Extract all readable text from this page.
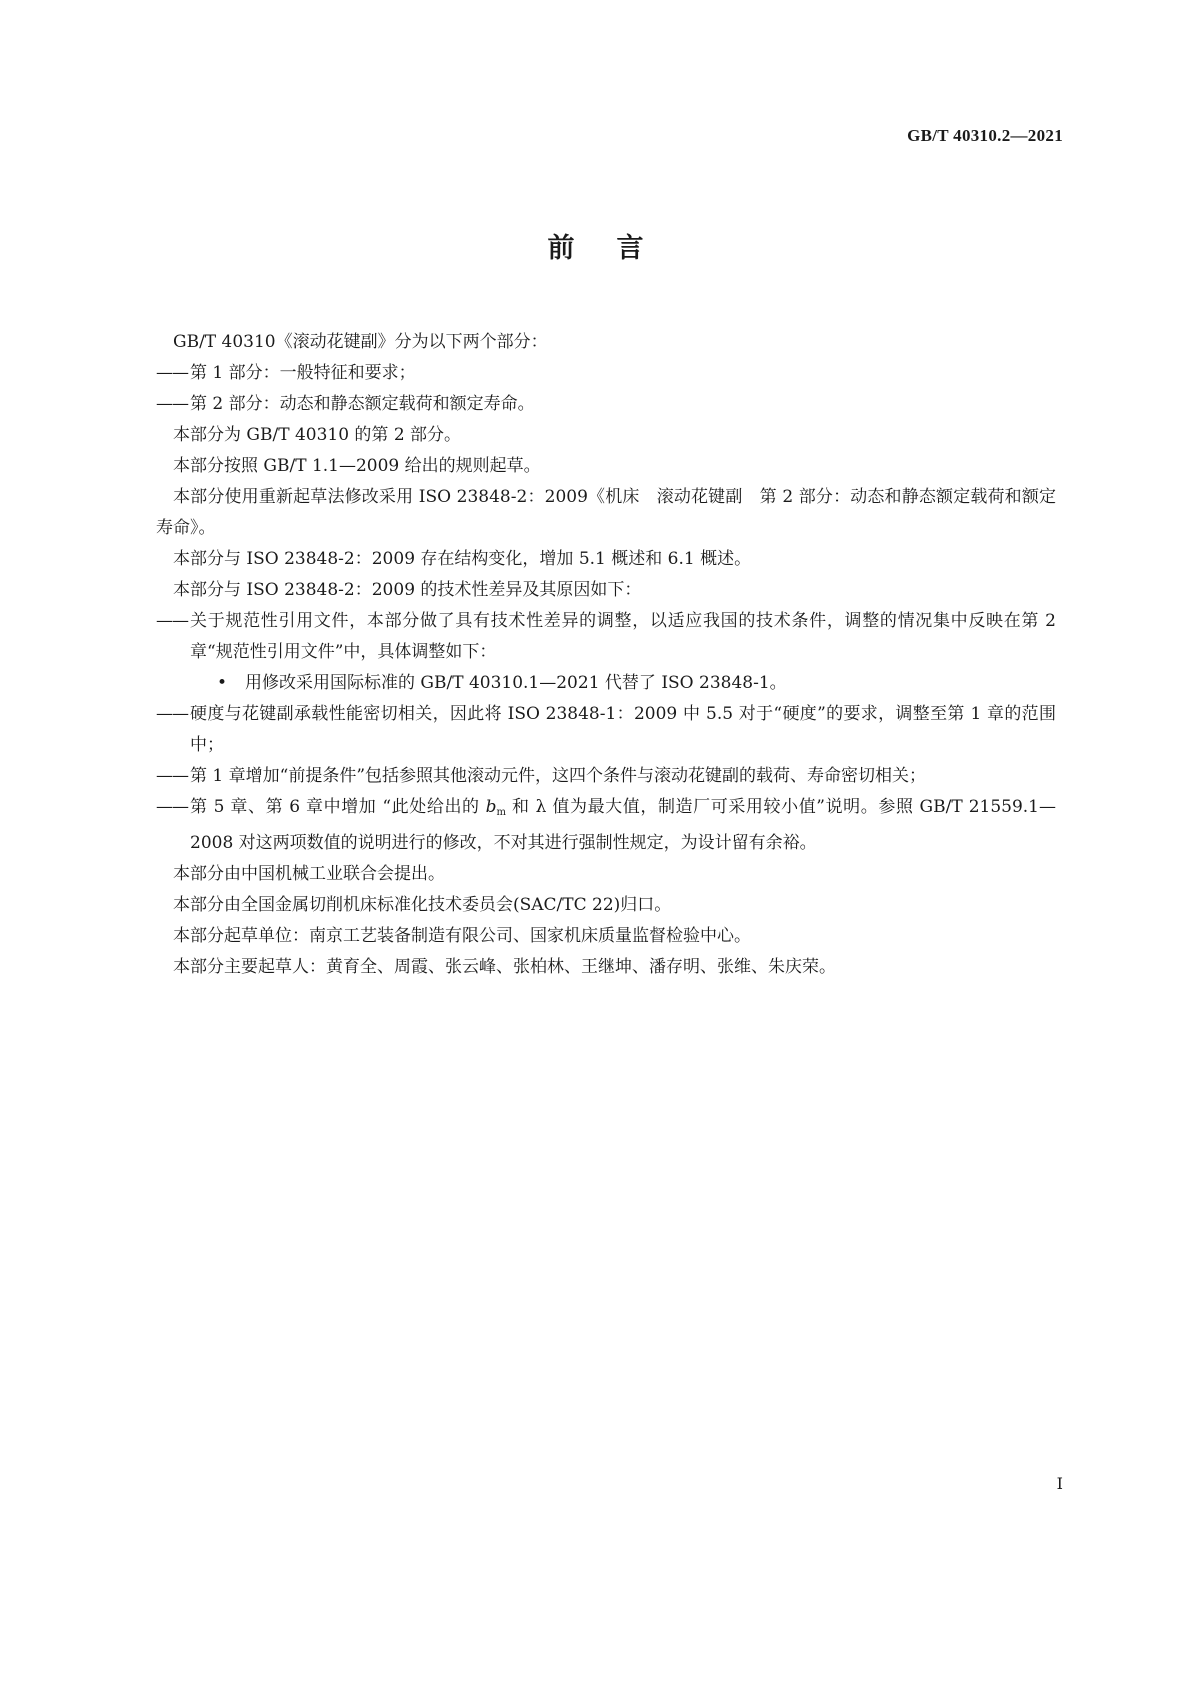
GB/T 40310.2—2021
前言

GB/T 40310《滚动花键副》分为以下两个部分：

—— 第 1 部分：一般特征和要求；
—— 第 2 部分：动态和静态额定载荷和额定寿命。

本部分为 GB/T 40310 的第 2 部分。

本部分按照 GB/T 1.1—2009 给出的规则起草。

本部分使用重新起草法修改采用 ISO 23848-2：2009《机床　滚动花键副　第 2 部分：动态和静态额定载荷和额定寿命》。

本部分与 ISO 23848-2：2009 存在结构变化，增加 5.1 概述和 6.1 概述。

本部分与 ISO 23848-2：2009 的技术性差异及其原因如下：

—— 关于规范性引用文件，本部分做了具有技术性差异的调整，以适应我国的技术条件，调整的情况集中反映在第 2 章“规范性引用文件”中，具体调整如下：
•	用修改采用国际标准的 GB/T 40310.1—2021 代替了 ISO 23848-1。
—— 硬度与花键副承载性能密切相关，因此将 ISO 23848-1：2009 中 5.5 对于“硬度”的要求，调整至第 1 章的范围中；
—— 第 1 章增加“前提条件”包括参照其他滚动元件，这四个条件与滚动花键副的载荷、寿命密切相关；
—— 第 5 章、第 6 章中增加 “此处给出的 $b_m$ 和 λ 值为最大值，制造厂可采用较小值”说明。参照 GB/T 21559.1—2008 对这两项数值的说明进行的修改，不对其进行强制性规定，为设计留有余裕。

本部分由中国机械工业联合会提出。

本部分由全国金属切削机床标准化技术委员会(SAC/TC 22)归口。

本部分起草单位：南京工艺装备制造有限公司、国家机床质量监督检验中心。

本部分主要起草人：黄育全、周霞、张云峰、张柏林、王继坤、潘存明、张维、朱庆荣。

I
